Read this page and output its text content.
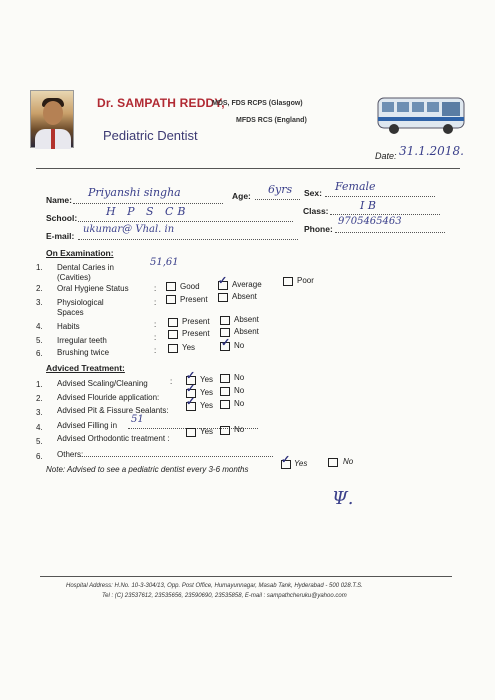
Dr. SAMPATH REDDY,
MDS, FDS RCPS (Glasgow)
MFDS RCS (England)
Pediatric Dentist
Date: 31.1.2018.
Name:
Priyanshi singha	Age: 6yrs Sex: Female
School:	H P S CB	Class:	I B
E-mail:
ukumar@ Vhal. in	Phone:
9705465463
On Examination:
1. Dental Caries in (Cavities)
51,61
2. Oral Hygiene Status	:	Good ✓ Average	Poor
3. Physiological Spaces
:	Present	Absent
4. Habits	:	Present	Absent
5. Irregular teeth	:	Present	Absent
6. Brushing twice	:	Yes ✓ No
Adviced Treatment:
1. Advised Scaling/Cleaning	: ✓ Yes	No
2. Advised Flouride application:
✓ Yes	No
3. Advised Pit & Fissure Sealants:
✓ Yes	No
4. Advised Filling in
51
5. Advised Orthodontic treatment :
Yes	No
6. Others:
Note: Advised to see a pediatric dentist every 3-6 months
✓ Yes	No
Ψ.
Hospital Address: H.No. 10-3-304/13, Opp. Post Office, Humayunnagar, Masab Tank, Hyderabad - 500 028.T.S.
Tel : (C) 23537612, 23535656, 23590690, 23535858, E-mail : sampathcheruku@yahoo.com
